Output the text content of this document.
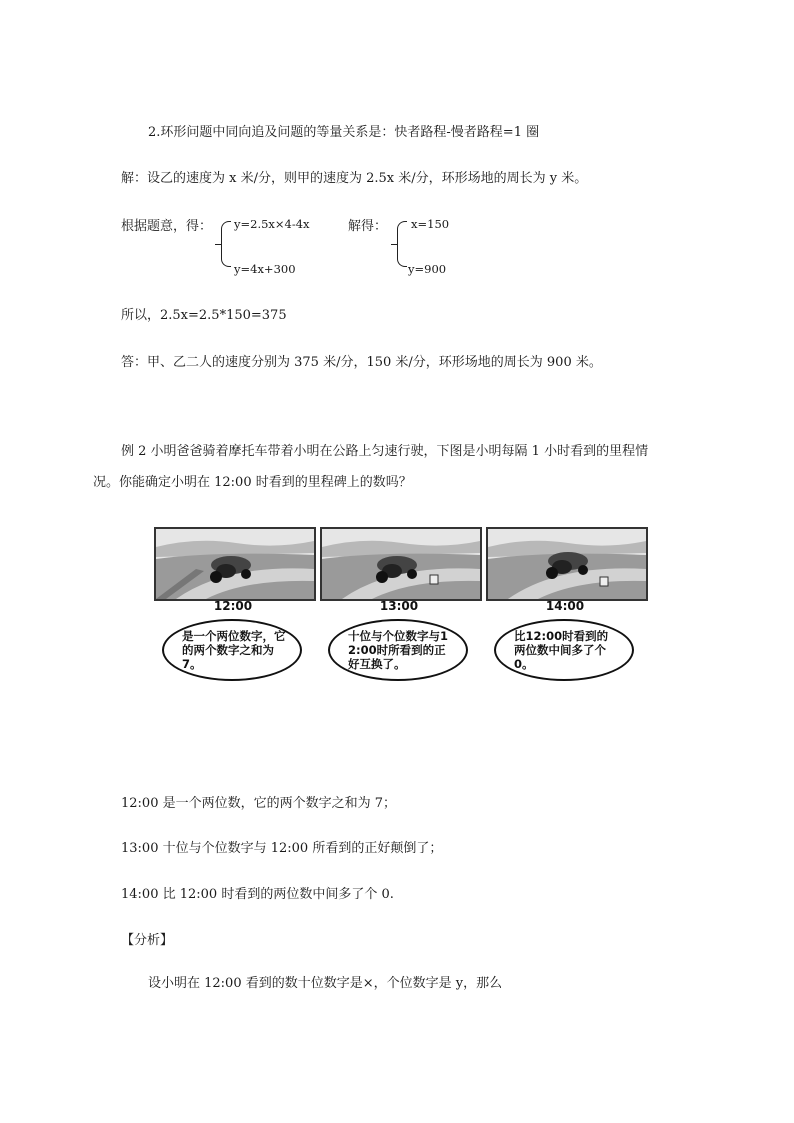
2.环形问题中同向追及问题的等量关系是：快者路程-慢者路程=1 圈
解：设乙的速度为 x 米/分，则甲的速度为 2.5x 米/分，环形场地的周长为 y 米。
根据题意，得： y=2.5x×4-4x
y=4x+300
解得： x=150
y=900
所以，2.5x=2.5*150=375
答：甲、乙二人的速度分别为 375 米/分，150 米/分，环形场地的周长为 900 米。
例 2 小明爸爸骑着摩托车带着小明在公路上匀速行驶，下图是小明每隔 1 小时看到的里程情
况。你能确定小明在 12:00 时看到的里程碑上的数吗？
12:00	13:00	14:00
是一个两位数字，它的两个数字之和为7。
十位与个位数字与12:00时所看到的正好互换了。
比12:00时看到的两位数中间多了个0。
12:00 是一个两位数，它的两个数字之和为 7；
13:00 十位与个位数字与 12:00 所看到的正好颠倒了；
14:00 比 12:00 时看到的两位数中间多了个 0.
【分析】
设小明在 12:00 看到的数十位数字是×，个位数字是 y，那么
